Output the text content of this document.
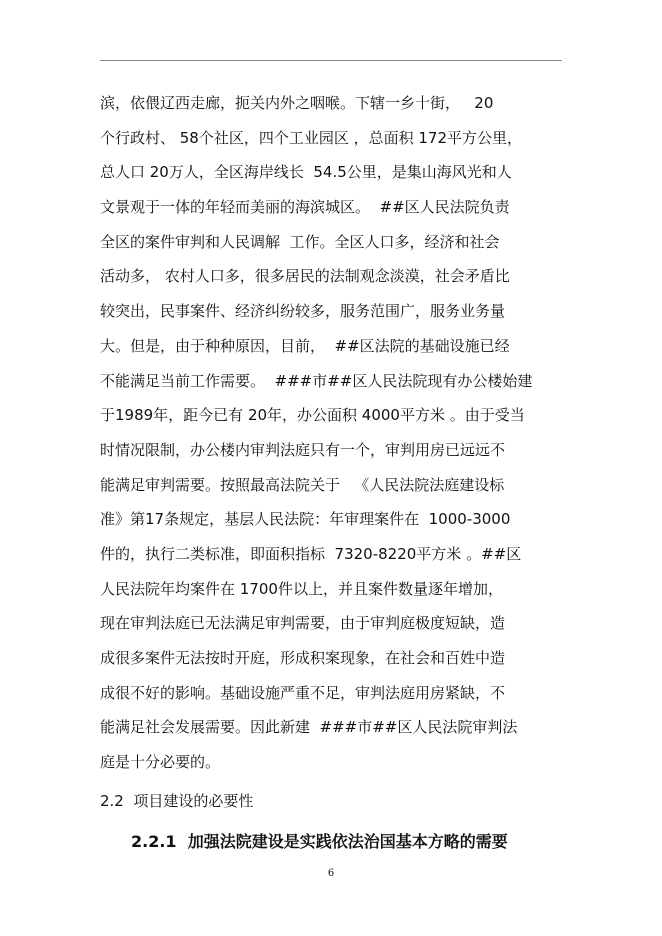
滨，依偎辽西走廊，扼关内外之咽喉。下辖一乡十街，   20
个行政村、 58个社区，四个工业园区 ，总面积 172平方公里，
总人口 20万人，全区海岸线长  54.5公里，是集山海风光和人
文景观于一体的年轻而美丽的海滨城区。  ##区人民法院负责
全区的案件审判和人民调解  工作。全区人口多，经济和社会
活动多， 农村人口多，很多居民的法制观念淡漠，社会矛盾比
较突出，民事案件、经济纠纷较多，服务范围广，服务业务量
大。但是，由于种种原因，目前，  ##区法院的基础设施已经
不能满足当前工作需要。  ###市##区人民法院现有办公楼始建
于1989年，距今已有 20年，办公面积 4000平方米 。由于受当
时情况限制，办公楼内审判法庭只有一个，审判用房已远远不
能满足审判需要。按照最高法院关于   《人民法院法庭建设标
准》第17条规定，基层人民法院：年审理案件在  1000-3000
件的，执行二类标准，即面积指标  7320-8220平方米 。##区
人民法院年均案件在 1700件以上，并且案件数量逐年增加，
现在审判法庭已无法满足审判需要，由于审判庭极度短缺，造
成很多案件无法按时开庭，形成积案现象，在社会和百姓中造
成很不好的影响。基础设施严重不足，审判法庭用房紧缺，不
能满足社会发展需要。因此新建  ###市##区人民法院审判法
庭是十分必要的。
2.2  项目建设的必要性
2.2.1  加强法院建设是实践依法治国基本方略的需要
6
